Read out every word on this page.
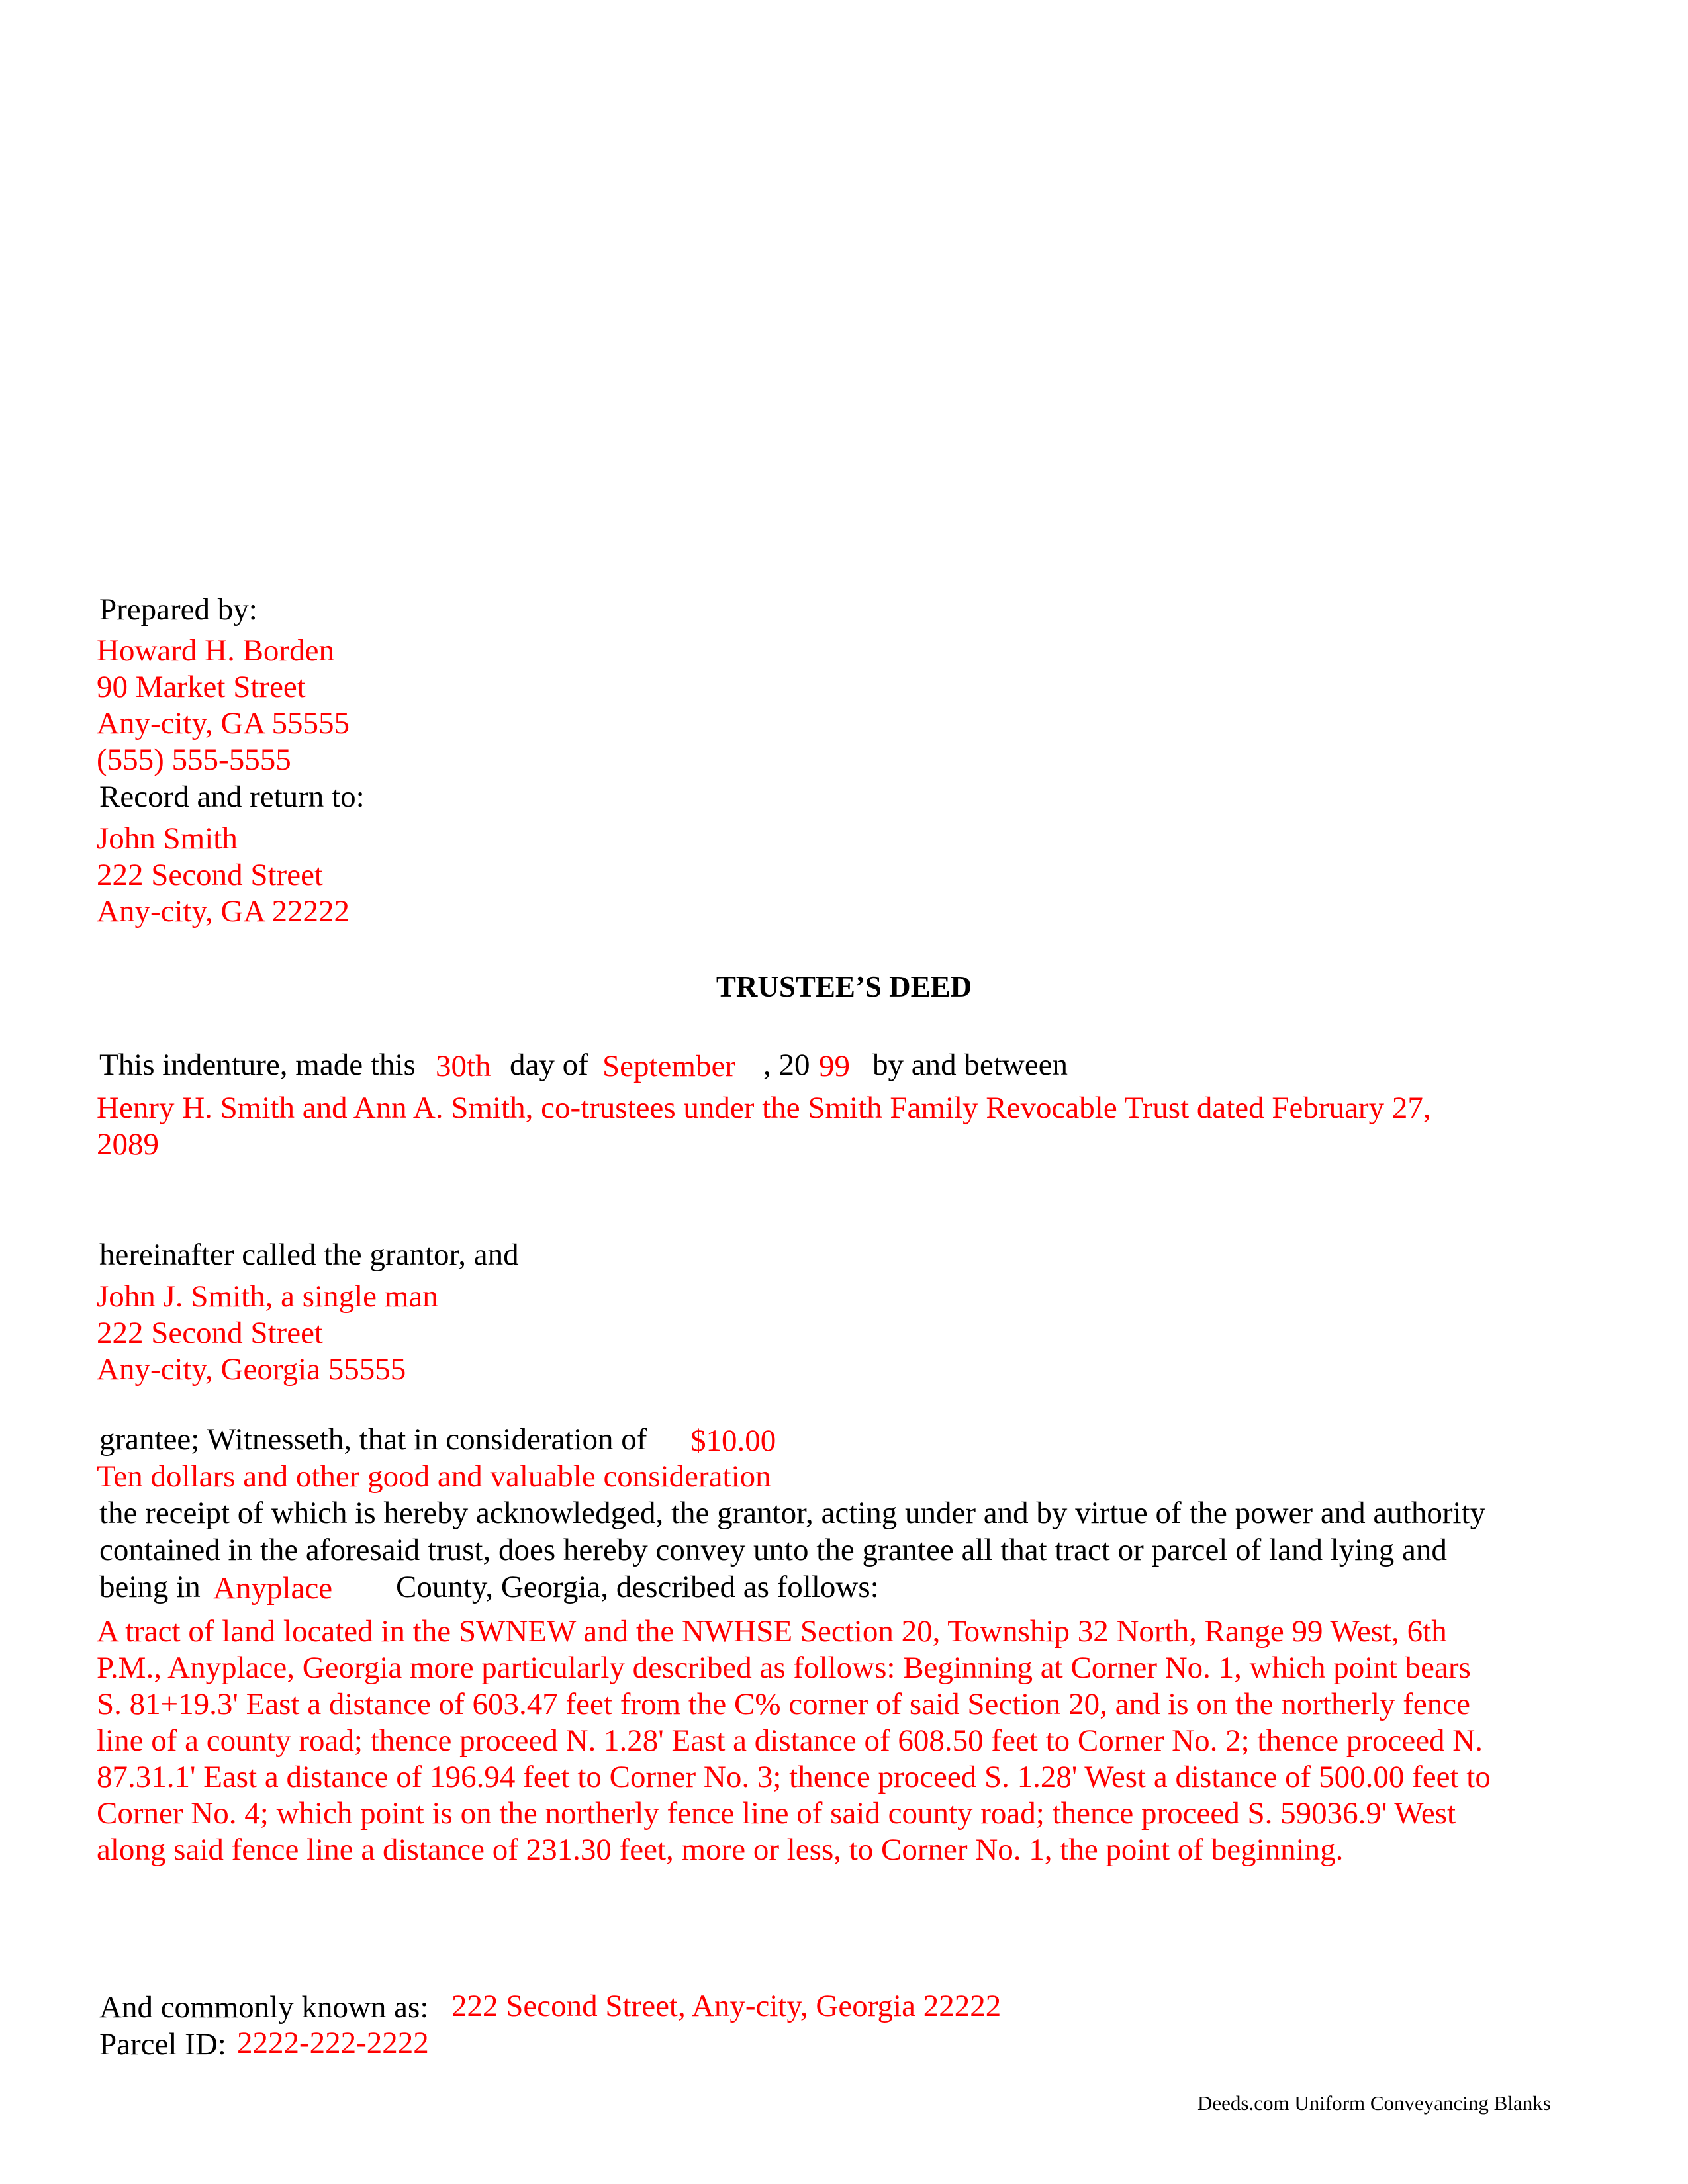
Prepared by:
Howard H. Borden
90 Market Street
Any-city, GA 55555
(555) 555-5555
Record and return to:
John Smith
222 Second Street
Any-city, GA 22222
TRUSTEE’S DEED
This indenture, made this 30th day of September , 20 99 by and between
Henry H. Smith and Ann A. Smith, co-trustees under the Smith Family Revocable Trust dated February 27,
2089
hereinafter called the grantor, and
John J. Smith, a single man
222 Second Street
Any-city, Georgia 55555
grantee; Witnesseth, that in consideration of $10.00
Ten dollars and other good and valuable consideration
the receipt of which is hereby acknowledged, the grantor, acting under and by virtue of the power and authority
contained in the aforesaid trust, does hereby convey unto the grantee all that tract or parcel of land lying and
being in Anyplace County, Georgia, described as follows:
A tract of land located in the SWNEW and the NWHSE Section 20, Township 32 North, Range 99 West, 6th
P.M., Anyplace, Georgia more particularly described as follows: Beginning at Corner No. 1, which point bears
S. 81+19.3' East a distance of 603.47 feet from the C% corner of said Section 20, and is on the northerly fence
line of a county road; thence proceed N. 1.28' East a distance of 608.50 feet to Corner No. 2; thence proceed N.
87.31.1' East a distance of 196.94 feet to Corner No. 3; thence proceed S. 1.28' West a distance of 500.00 feet to
Corner No. 4; which point is on the northerly fence line of said county road; thence proceed S. 59036.9' West
along said fence line a distance of 231.30 feet, more or less, to Corner No. 1, the point of beginning.
And commonly known as: 222 Second Street, Any-city, Georgia 22222
Parcel ID: 2222-222-2222
Deeds.com Uniform Conveyancing Blanks
